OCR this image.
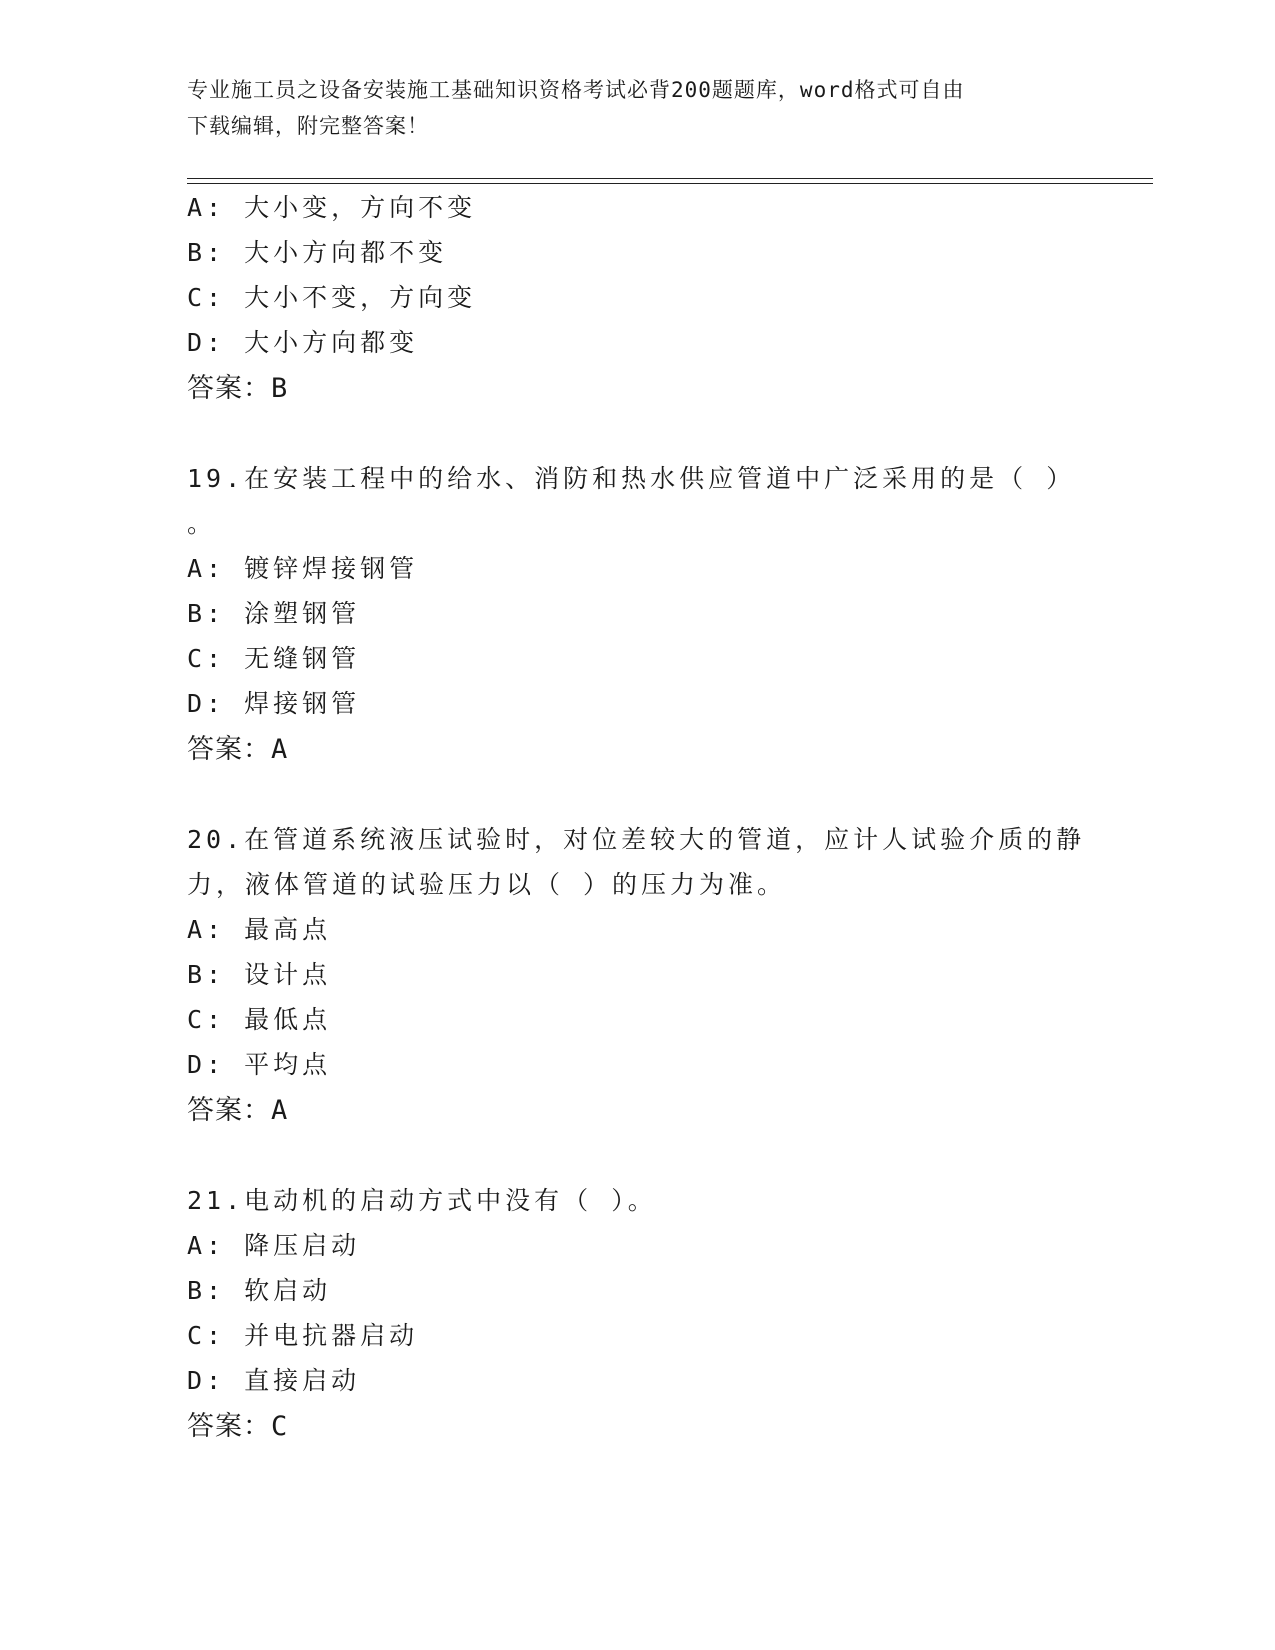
专业施工员之设备安装施工基础知识资格考试必背200题题库，word格式可自由
下载编辑，附完整答案！
A: 大小变，方向不变
B: 大小方向都不变
C: 大小不变，方向变
D: 大小方向都变
答案：B
19.在安装工程中的给水、消防和热水供应管道中广泛采用的是（ ）
。
A: 镀锌焊接钢管
B: 涂塑钢管
C: 无缝钢管
D: 焊接钢管
答案：A
20.在管道系统液压试验时，对位差较大的管道，应计人试验介质的静
力，液体管道的试验压力以（ ）的压力为准。
A: 最高点
B: 设计点
C: 最低点
D: 平均点
答案：A
21.电动机的启动方式中没有（ ）。
A: 降压启动
B: 软启动
C: 并电抗器启动
D: 直接启动
答案：C
